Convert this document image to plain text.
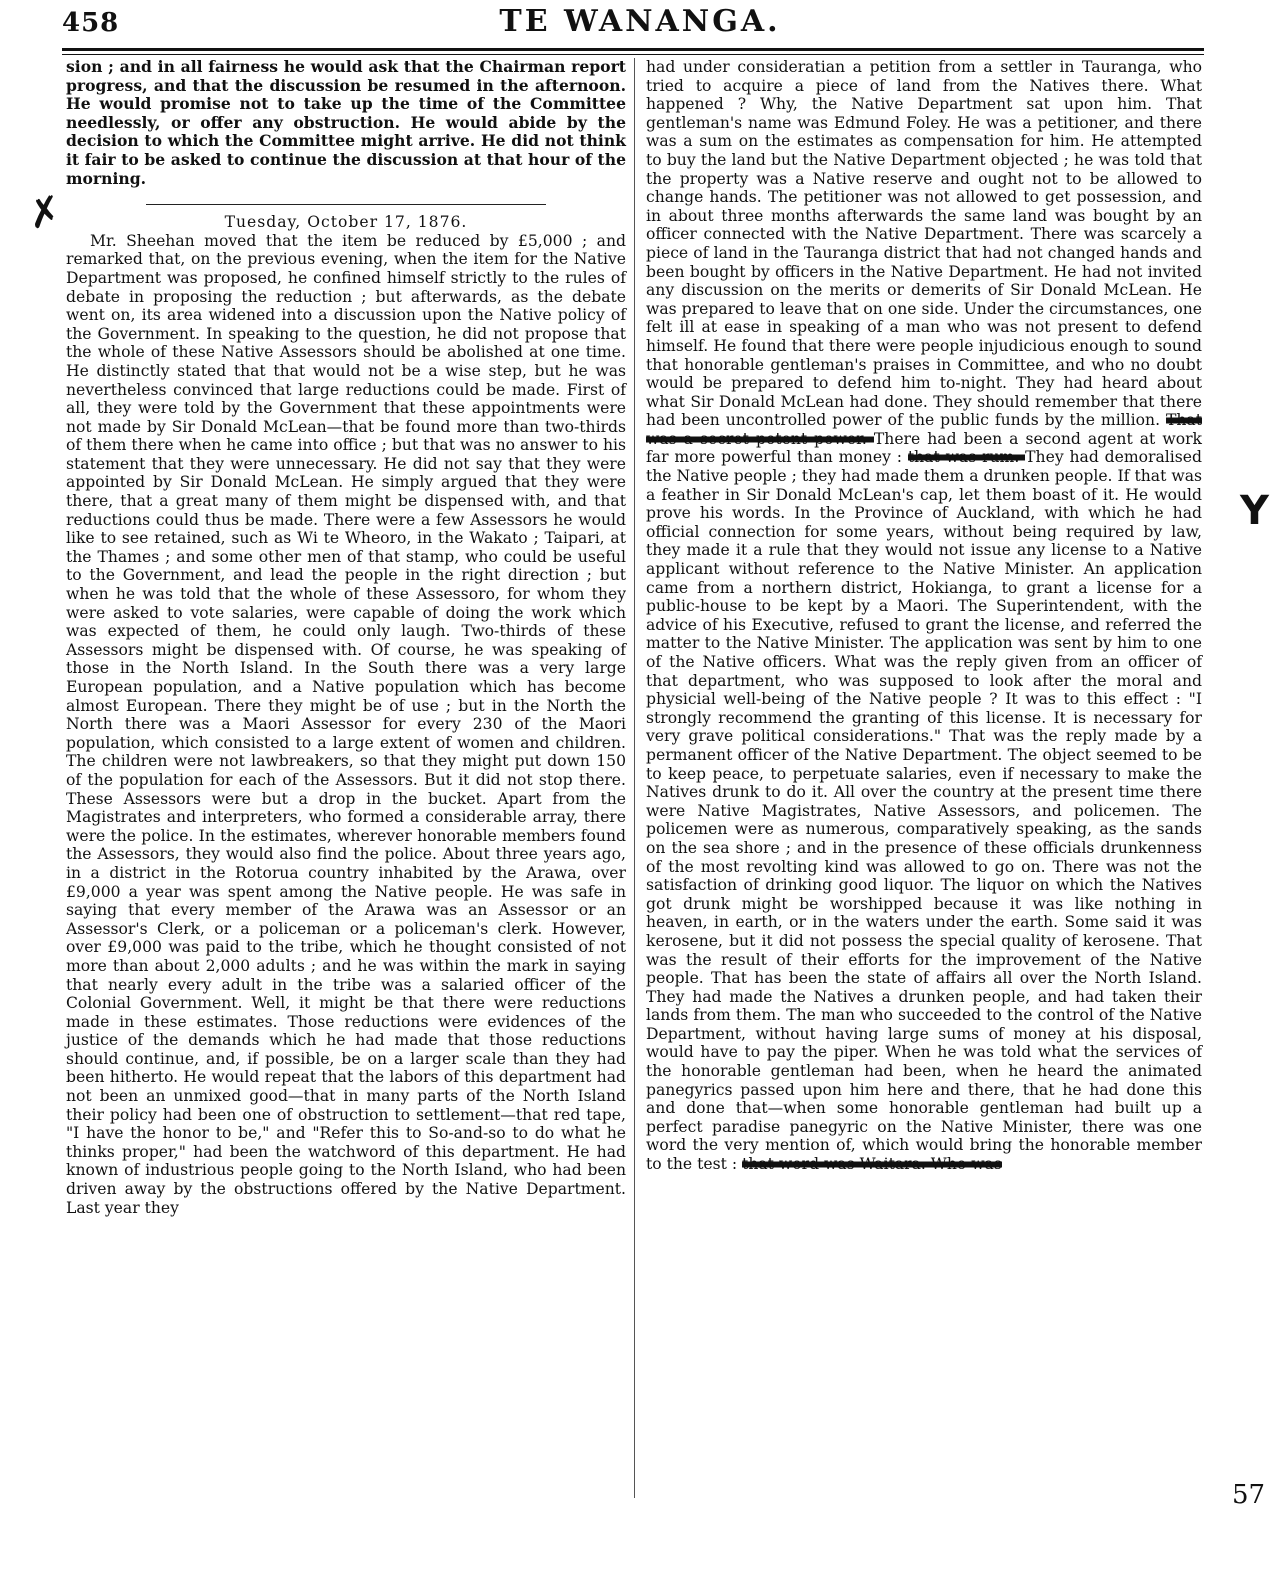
458	TE WANANGA.

sion ; and in all fairness he would ask that the Chairman report progress, and that the discussion be resumed in the afternoon. He would promise not to take up the time of the Committee needlessly, or offer any obstruction. He would abide by the decision to which the Committee might arrive. He did not think it fair to be asked to continue the discussion at that hour of the morning.

Tuesday, October 17, 1876.

Mr. Sheehan moved that the item be reduced by £5,000 ; and remarked that, on the previous evening, when the item for the Native Department was proposed, he confined himself strictly to the rules of debate in proposing the reduction ; but afterwards, as the debate went on, its area widened into a discussion upon the Native policy of the Government. In speaking to the question, he did not propose that the whole of these Native Assessors should be abolished at one time. He distinctly stated that that would not be a wise step, but he was nevertheless convinced that large reductions could be made. First of all, they were told by the Government that these appointments were not made by Sir Donald McLean—that be found more than two-thirds of them there when he came into office ; but that was no answer to his statement that they were unnecessary. He did not say that they were appointed by Sir Donald McLean. He simply argued that they were there, that a great many of them might be dispensed with, and that reductions could thus be made. There were a few Assessors he would like to see retained, such as Wi te Wheoro, in the Wakato ; Taipari, at the Thames ; and some other men of that stamp, who could be useful to the Government, and lead the people in the right direction ; but when he was told that the whole of these Assessoro, for whom they were asked to vote salaries, were capable of doing the work which was expected of them, he could only laugh. Two-thirds of these Assessors might be dispensed with. Of course, he was speaking of those in the North Island. In the South there was a very large European population, and a Native population which has become almost European. There they might be of use ; but in the North the North there was a Maori Assessor for every 230 of the Maori population, which consisted to a large extent of women and children. The children were not lawbreakers, so that they might put down 150 of the population for each of the Assessors. But it did not stop there. These Assessors were but a drop in the bucket. Apart from the Magistrates and interpreters, who formed a considerable array, there were the police. In the estimates, wherever honorable members found the Assessors, they would also find the police. About three years ago, in a district in the Rotorua country inhabited by the Arawa, over £9,000 a year was spent among the Native people. He was safe in saying that every member of the Arawa was an Assessor or an Assessor's Clerk, or a policeman or a policeman's clerk. However, over £9,000 was paid to the tribe, which he thought consisted of not more than about 2,000 adults ; and he was within the mark in saying that nearly every adult in the tribe was a salaried officer of the Colonial Government. Well, it might be that there were reductions made in these estimates. Those reductions were evidences of the justice of the demands which he had made that those reductions should continue, and, if possible, be on a larger scale than they had been hitherto. He would repeat that the labors of this department had not been an unmixed good—that in many parts of the North Island their policy had been one of obstruction to settlement—that red tape, "I have the honor to be," and "Refer this to So-and-so to do what he thinks proper," had been the watchword of this department. He had known of industrious people going to the North Island, who had been driven away by the obstructions offered by the Native Department. Last year they

had under consideratian a petition from a settler in Tauranga, who tried to acquire a piece of land from the Natives there. What happened ? Why, the Native Department sat upon him. That gentleman's name was Edmund Foley. He was a petitioner, and there was a sum on the estimates as compensation for him. He attempted to buy the land but the Native Department objected ; he was told that the property was a Native reserve and ought not to be allowed to change hands. The petitioner was not allowed to get possession, and in about three months afterwards the same land was bought by an officer connected with the Native Department. There was scarcely a piece of land in the Tauranga district that had not changed hands and been bought by officers in the Native Department. He had not invited any discussion on the merits or demerits of Sir Donald McLean. He was prepared to leave that on one side. Under the circumstances, one felt ill at ease in speaking of a man who was not present to defend himself. He found that there were people injudicious enough to sound that honorable gentleman's praises in Committee, and who no doubt would be prepared to defend him to-night. They had heard about what Sir Donald McLean had done. They should remember that there had been uncontrolled power of the public funds by the million. That was a secret potent power. There had been a second agent at work far more powerful than money : that was rum. They had demoralised the Native people ; they had made them a drunken people. If that was a feather in Sir Donald McLean's cap, let them boast of it. He would prove his words. In the Province of Auckland, with which he had official connection for some years, without being required by law, they made it a rule that they would not issue any license to a Native applicant without reference to the Native Minister. An application came from a northern district, Hokianga, to grant a license for a public-house to be kept by a Maori. The Superintendent, with the advice of his Executive, refused to grant the license, and referred the matter to the Native Minister. The application was sent by him to one of the Native officers. What was the reply given from an officer of that department, who was supposed to look after the moral and physicial well-being of the Native people ? It was to this effect : "I strongly recommend the granting of this license. It is necessary for very grave political considerations." That was the reply made by a permanent officer of the Native Department. The object seemed to be to keep peace, to perpetuate salaries, even if necessary to make the Natives drunk to do it. All over the country at the present time there were Native Magistrates, Native Assessors, and policemen. The policemen were as numerous, comparatively speaking, as the sands on the sea shore ; and in the presence of these officials drunkenness of the most revolting kind was allowed to go on. There was not the satisfaction of drinking good liquor. The liquor on which the Natives got drunk might be worshipped because it was like nothing in heaven, in earth, or in the waters under the earth. Some said it was kerosene, but it did not possess the special quality of kerosene. That was the result of their efforts for the improvement of the Native people. That has been the state of affairs all over the North Island. They had made the Natives a drunken people, and had taken their lands from them. The man who succeeded to the control of the Native Department, without having large sums of money at his disposal, would have to pay the piper. When he was told what the services of the honorable gentleman had been, when he heard the animated panegyrics passed upon him here and there, that he had done this and done that—when some honorable gentleman had built up a perfect paradise panegyric on the Native Minister, there was one word the very mention of, which would bring the honorable member to the test : that word was Waitara. Who was

✗
Y
57
